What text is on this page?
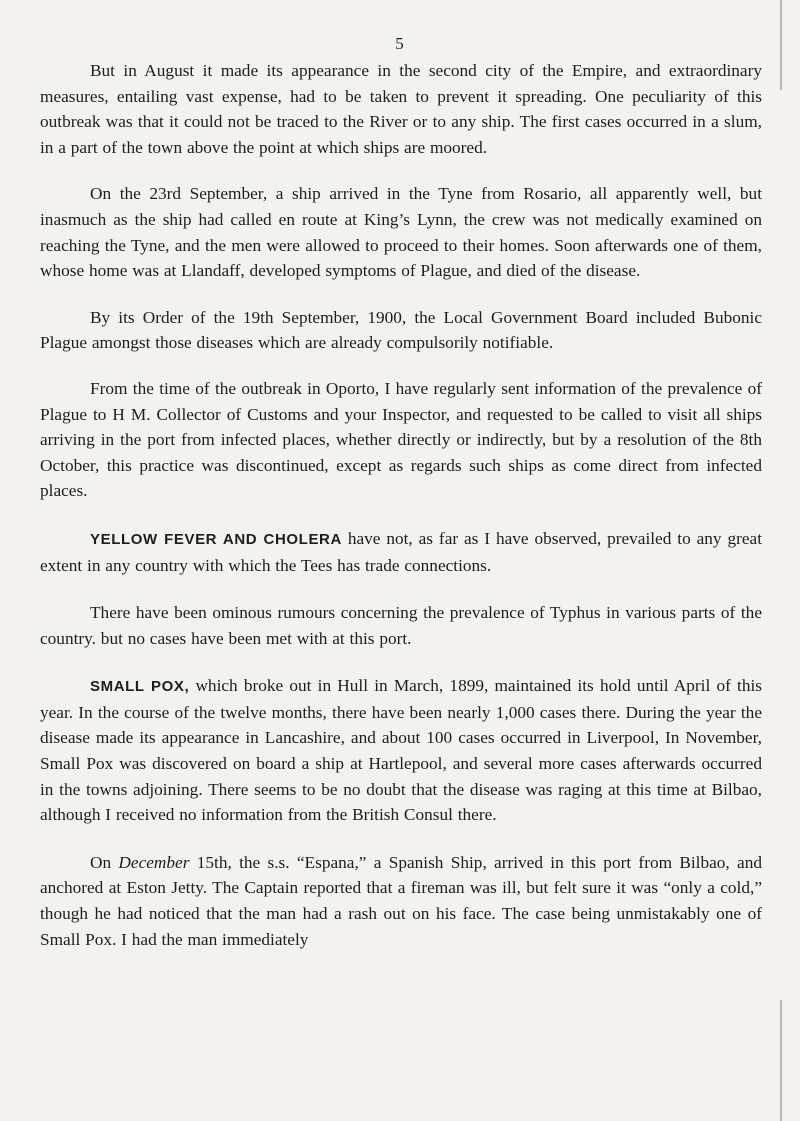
5

But in August it made its appearance in the second city of the Empire, and extraordinary measures, entailing vast expense, had to be taken to prevent it spreading. One peculiarity of this outbreak was that it could not be traced to the River or to any ship. The first cases occurred in a slum, in a part of the town above the point at which ships are moored.

On the 23rd September, a ship arrived in the Tyne from Rosario, all apparently well, but inasmuch as the ship had called en route at King’s Lynn, the crew was not medically examined on reaching the Tyne, and the men were allowed to proceed to their homes. Soon afterwards one of them, whose home was at Llandaff, developed symptoms of Plague, and died of the disease.

By its Order of the 19th September, 1900, the Local Government Board included Bubonic Plague amongst those diseases which are already compulsorily notifiable.

From the time of the outbreak in Oporto, I have regularly sent information of the prevalence of Plague to H M. Collector of Customs and your Inspector, and requested to be called to visit all ships arriving in the port from infected places, whether directly or indirectly, but by a resolution of the 8th October, this practice was discontinued, except as regards such ships as come direct from infected places.

YELLOW FEVER AND CHOLERA have not, as far as I have observed, prevailed to any great extent in any country with which the Tees has trade connections.

There have been ominous rumours concerning the prevalence of Typhus in various parts of the country. but no cases have been met with at this port.

SMALL POX, which broke out in Hull in March, 1899, maintained its hold until April of this year. In the course of the twelve months, there have been nearly 1,000 cases there. During the year the disease made its appearance in Lancashire, and about 100 cases occurred in Liverpool, In November, Small Pox was discovered on board a ship at Hartlepool, and several more cases afterwards occurred in the towns adjoining. There seems to be no doubt that the disease was raging at this time at Bilbao, although I received no information from the British Consul there.

On December 15th, the s.s. “Espana,” a Spanish Ship, arrived in this port from Bilbao, and anchored at Eston Jetty. The Captain reported that a fireman was ill, but felt sure it was “only a cold,” though he had noticed that the man had a rash out on his face. The case being unmistakably one of Small Pox. I had the man immediately
